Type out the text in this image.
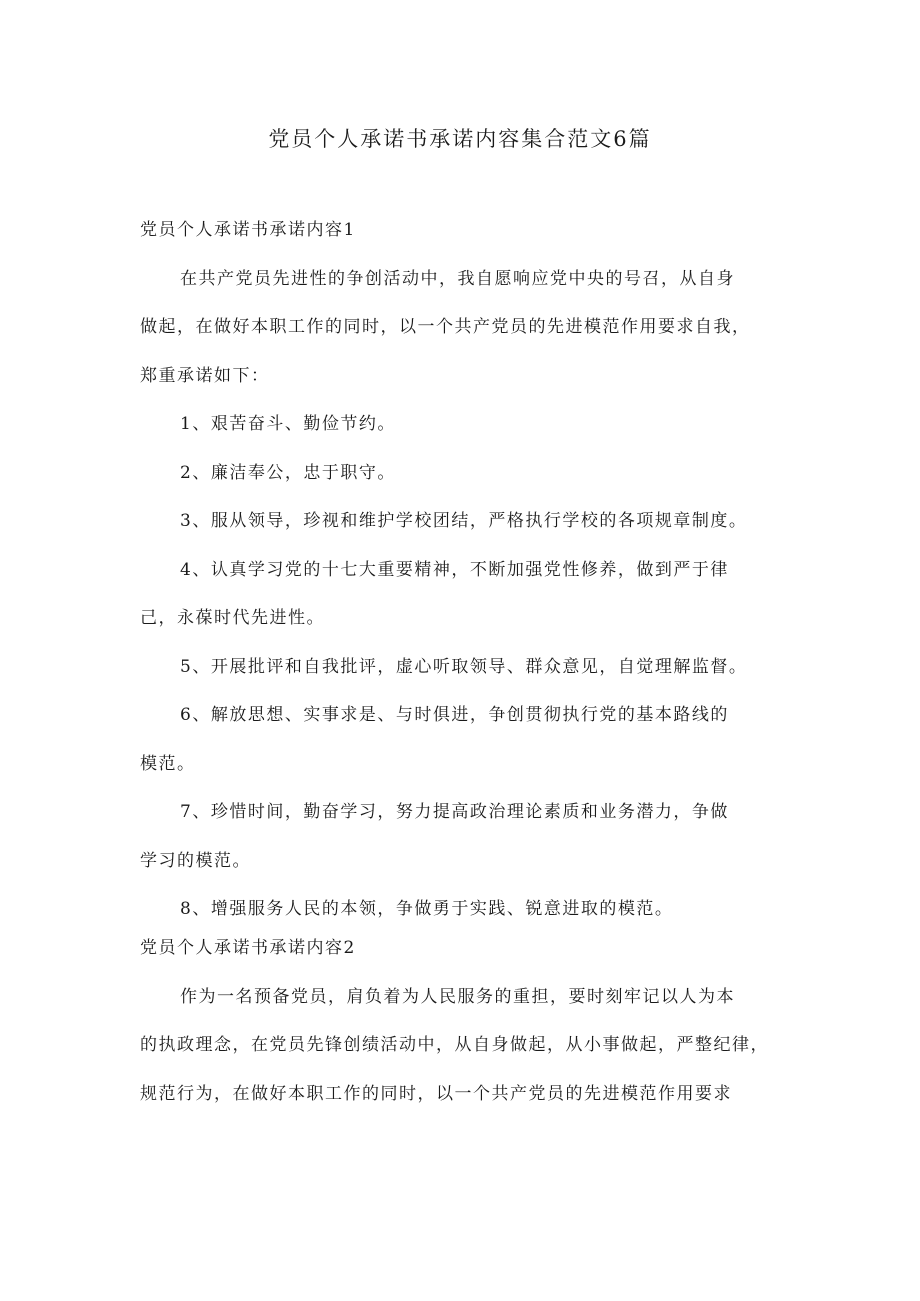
党员个人承诺书承诺内容集合范文6篇
党员个人承诺书承诺内容1
在共产党员先进性的争创活动中，我自愿响应党中央的号召，从自身
做起，在做好本职工作的同时，以一个共产党员的先进模范作用要求自我，
郑重承诺如下：
1、艰苦奋斗、勤俭节约。
2、廉洁奉公，忠于职守。
3、服从领导，珍视和维护学校团结，严格执行学校的各项规章制度。
4、认真学习党的十七大重要精神，不断加强党性修养，做到严于律
己，永葆时代先进性。
5、开展批评和自我批评，虚心听取领导、群众意见，自觉理解监督。
6、解放思想、实事求是、与时俱进，争创贯彻执行党的基本路线的
模范。
7、珍惜时间，勤奋学习，努力提高政治理论素质和业务潜力，争做
学习的模范。
8、增强服务人民的本领，争做勇于实践、锐意进取的模范。
党员个人承诺书承诺内容2
作为一名预备党员，肩负着为人民服务的重担，要时刻牢记以人为本
的执政理念，在党员先锋创绩活动中，从自身做起，从小事做起，严整纪律，
规范行为，在做好本职工作的同时，以一个共产党员的先进模范作用要求
